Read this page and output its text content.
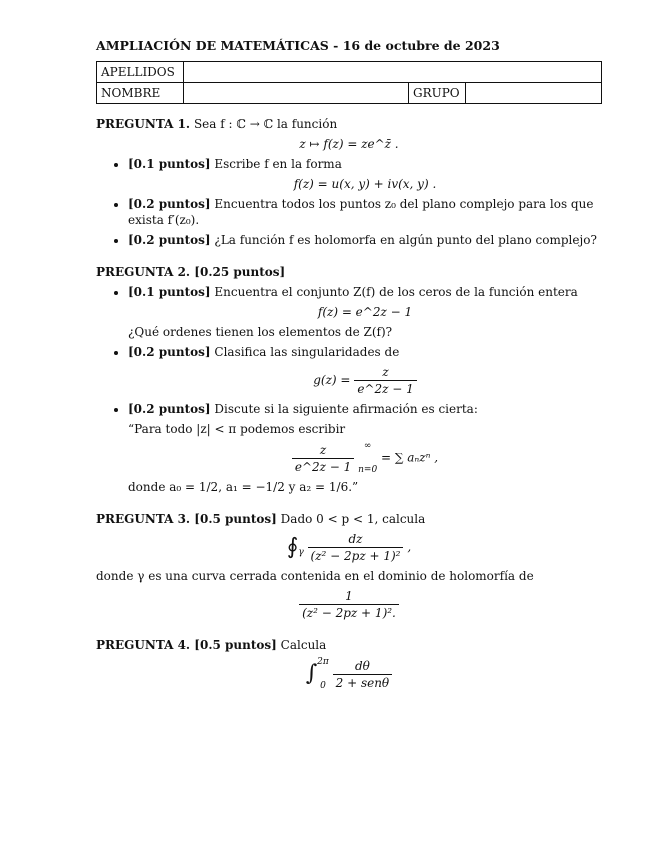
AMPLIACIÓN DE MATEMÁTICAS - 16 de octubre de 2023
APELLIDOS			
NOMBRE		GRUPO	
PREGUNTA 1. Sea f : ℂ → ℂ la función
z ↦ f(z) = ze^z̄ .
• [0.1 puntos] Escribe f en la forma
f(z) = u(x, y) + iv(x, y) .
• [0.2 puntos] Encuentra todos los puntos z₀ del plano complejo para los que exista f′(z₀).
• [0.2 puntos] ¿La función f es holomorfa en algún punto del plano complejo?
PREGUNTA 2. [0.25 puntos]
• [0.1 puntos] Encuentra el conjunto Z(f) de los ceros de la función entera
f(z) = e^2z − 1
¿Qué ordenes tienen los elementos de Z(f)?
• [0.2 puntos] Clasifica las singularidades de
$g(z) = \frac{z}{e\^{}2z - 1}$
• [0.2 puntos] Discute si la siguiente afirmación es cierta:
“Para todo |z| < π podemos escribir
$\frac{z}{e\^{}2z - 1}$
	∞
n=0
= ∑ aₙzⁿ ,
donde a₀ = 1/2, a₁ = −1/2 y a₂ = 1/6.”
PREGUNTA 3. [0.5 puntos] Dado 0 < p < 1, calcula
$∮_\gamma \frac{dz}{\text{(z² − 2pz + 1)²}}$ ,
donde γ es una curva cerrada contenida en el dominio de holomorfía de
$\frac{1}{\text{(z² − 2pz + 1)².}}$
PREGUNTA 4. [0.5 puntos] Calcula
∫ 2π
0
$\frac{d\theta}{\text{2 + senθ}}$
